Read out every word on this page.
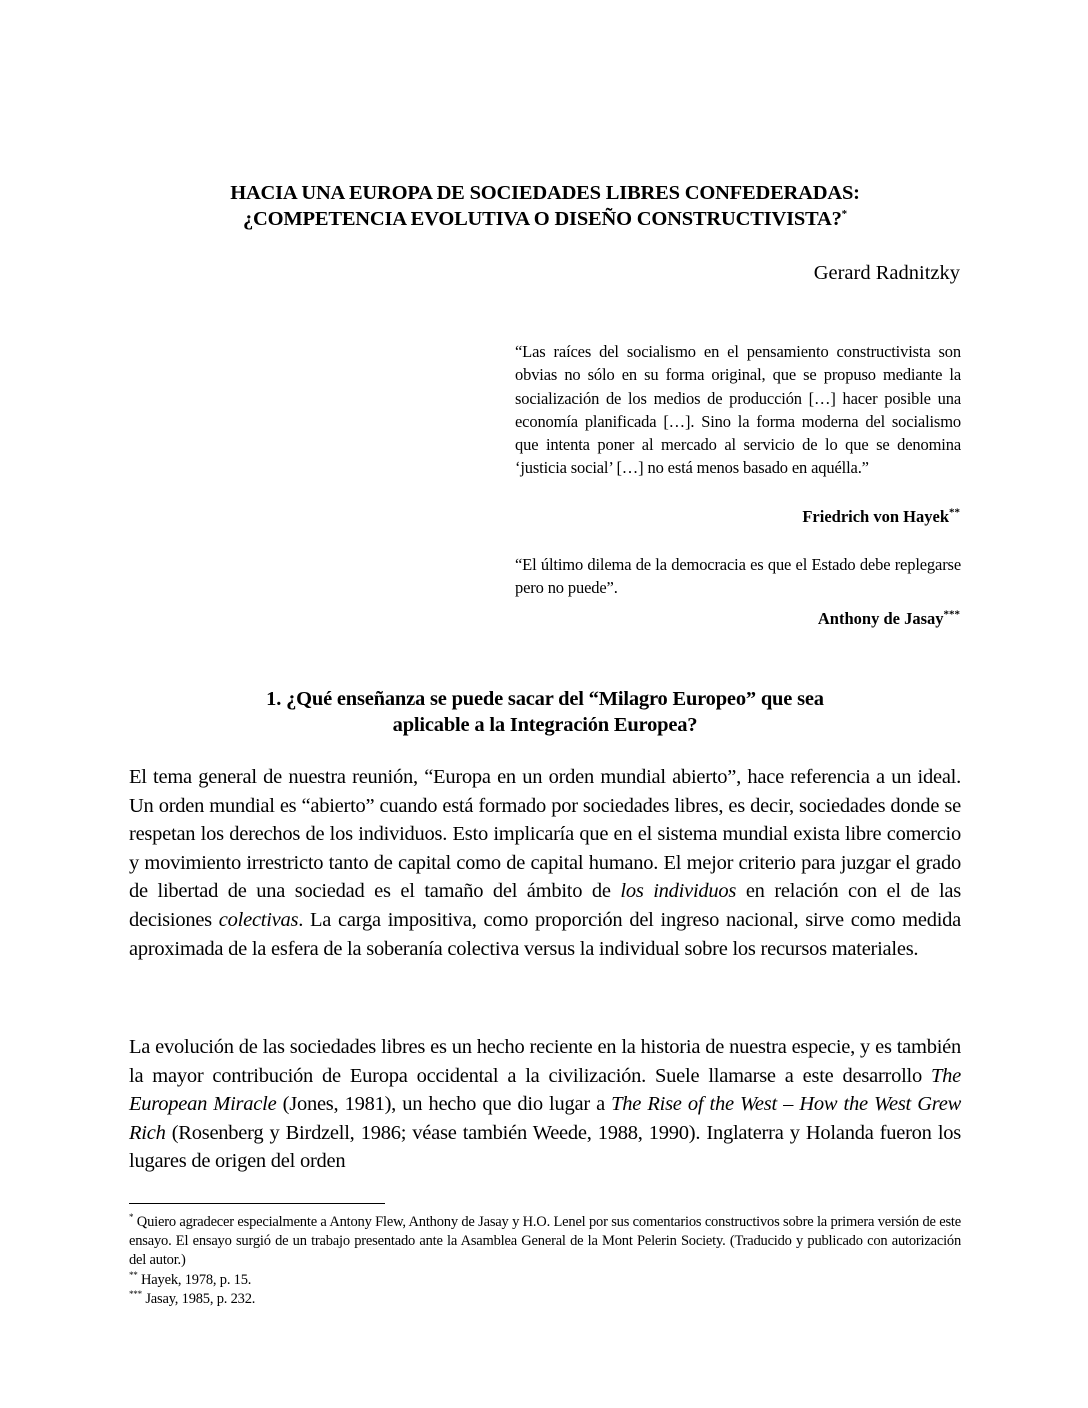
HACIA UNA EUROPA DE SOCIEDADES LIBRES CONFEDERADAS:
¿COMPETENCIA EVOLUTIVA O DISEÑO CONSTRUCTIVISTA?*
Gerard Radnitzky

“Las raíces del socialismo en el pensamiento constructivista son obvias no sólo en su forma original, que se propuso mediante la socialización de los medios de producción […] hacer posible una economía planificada […]. Sino la forma moderna del socialismo que intenta poner al mercado al servicio de lo que se denomina ‘justicia social’ […] no está menos basado en aquélla.”

Friedrich von Hayek**

“El último dilema de la democracia es que el Estado debe replegarse pero no puede”.

Anthony de Jasay***
1. ¿Qué enseñanza se puede sacar del “Milagro Europeo” que sea
aplicable a la Integración Europea?

El tema general de nuestra reunión, “Europa en un orden mundial abierto”, hace referencia a un ideal. Un orden mundial es “abierto” cuando está formado por sociedades libres, es decir, sociedades donde se respetan los derechos de los individuos. Esto implicaría que en el sistema mundial exista libre comercio y movimiento irrestricto tanto de capital como de capital humano. El mejor criterio para juzgar el grado de libertad de una sociedad es el tamaño del ámbito de los individuos en relación con el de las decisiones colectivas. La carga impositiva, como proporción del ingreso nacional, sirve como medida aproximada de la esfera de la soberanía colectiva versus la individual sobre los recursos materiales.

La evolución de las sociedades libres es un hecho reciente en la historia de nuestra especie, y es también la mayor contribución de Europa occidental a la civilización. Suele llamarse a este desarrollo The European Miracle (Jones, 1981), un hecho que dio lugar a The Rise of the West – How the West Grew Rich (Rosenberg y Birdzell, 1986; véase también Weede, 1988, 1990). Inglaterra y Holanda fueron los lugares de origen del orden

* Quiero agradecer especialmente a Antony Flew, Anthony de Jasay y H.O. Lenel por sus comentarios constructivos sobre la primera versión de este ensayo. El ensayo surgió de un trabajo presentado ante la Asamblea General de la Mont Pelerin Society. (Traducido y publicado con autorización del autor.)

** Hayek, 1978, p. 15.

*** Jasay, 1985, p. 232.
